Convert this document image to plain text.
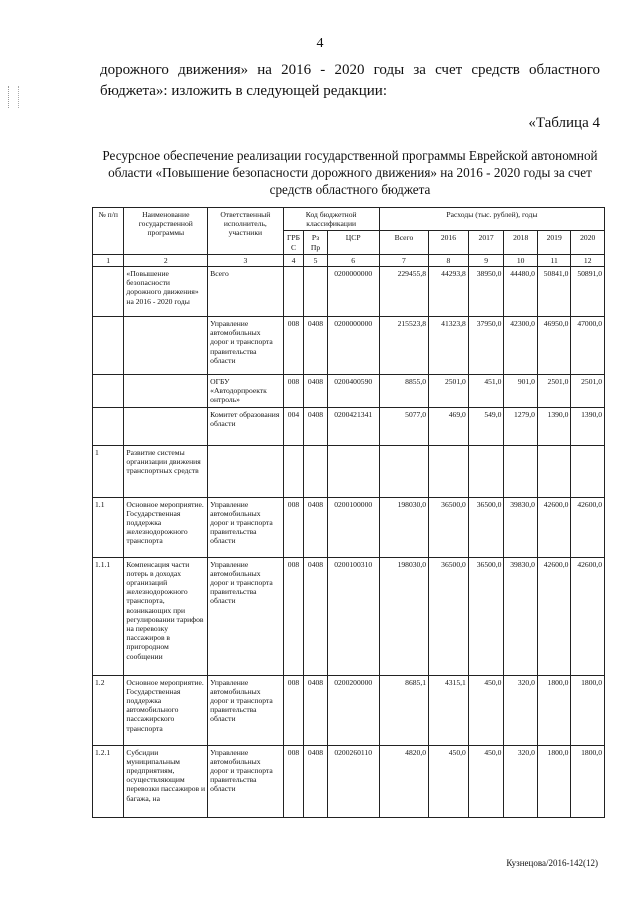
4
дорожного движения» на 2016 - 2020 годы за счет средств областного
бюджета»: изложить в следующей редакции:
«Таблица 4
Ресурсное обеспечение реализации государственной программы Еврейской автономной области «Повышение безопасности дорожного движения» на 2016 - 2020 годы за счет средств областного бюджета
№ п/п	Наименование государственной программы	Ответственный исполнитель, участники	Код бюджетной классификации			Расходы (тыс. рублей), годы					
			ГРБС	Рз Пр	ЦСР	Всего	2016	2017	2018	2019	2020
1	2	3	4	5	6	7	8	9	10	11	12
	«Повышение безопасности дорожного движения» на 2016 - 2020 годы	Всего			0200000000	229455,8	44293,8	38950,0	44480,0	50841,0	50891,0
		Управление автомобильных дорог и транспорта правительства области	008	0408	0200000000	215523,8	41323,8	37950,0	42300,0	46950,0	47000,0
		ОГБУ «Автодорпроектк онтроль»	008	0408	0200400590	8855,0	2501,0	451,0	901,0	2501,0	2501,0
		Комитет образования области	004	0408	0200421341	5077,0	469,0	549,0	1279,0	1390,0	1390,0
1	Развитие системы организации движения транспортных средств										
1.1	Основное мероприятие. Государственная поддержка железнодорожного транспорта	Управление автомобильных дорог и транспорта правительства области	008	0408	0200100000	198030,0	36500,0	36500,0	39830,0	42600,0	42600,0
1.1.1	Компенсация части потерь в доходах организаций железнодорожного транспорта, возникающих при регулировании тарифов на перевозку пассажиров в пригородном сообщении	Управление автомобильных дорог и транспорта правительства области	008	0408	0200100310	198030,0	36500,0	36500,0	39830,0	42600,0	42600,0
1.2	Основное мероприятие. Государственная поддержка автомобильного пассажирского транспорта	Управление автомобильных дорог и транспорта правительства области	008	0408	0200200000	8685,1	4315,1	450,0	320,0	1800,0	1800,0
1.2.1	Субсидии муниципальным предприятиям, осуществляющим перевозки пассажиров и багажа, на	Управление автомобильных дорог и транспорта правительства области	008	0408	0200260110	4820,0	450,0	450,0	320,0	1800,0	1800,0
Кузнецова/2016-142(12)
